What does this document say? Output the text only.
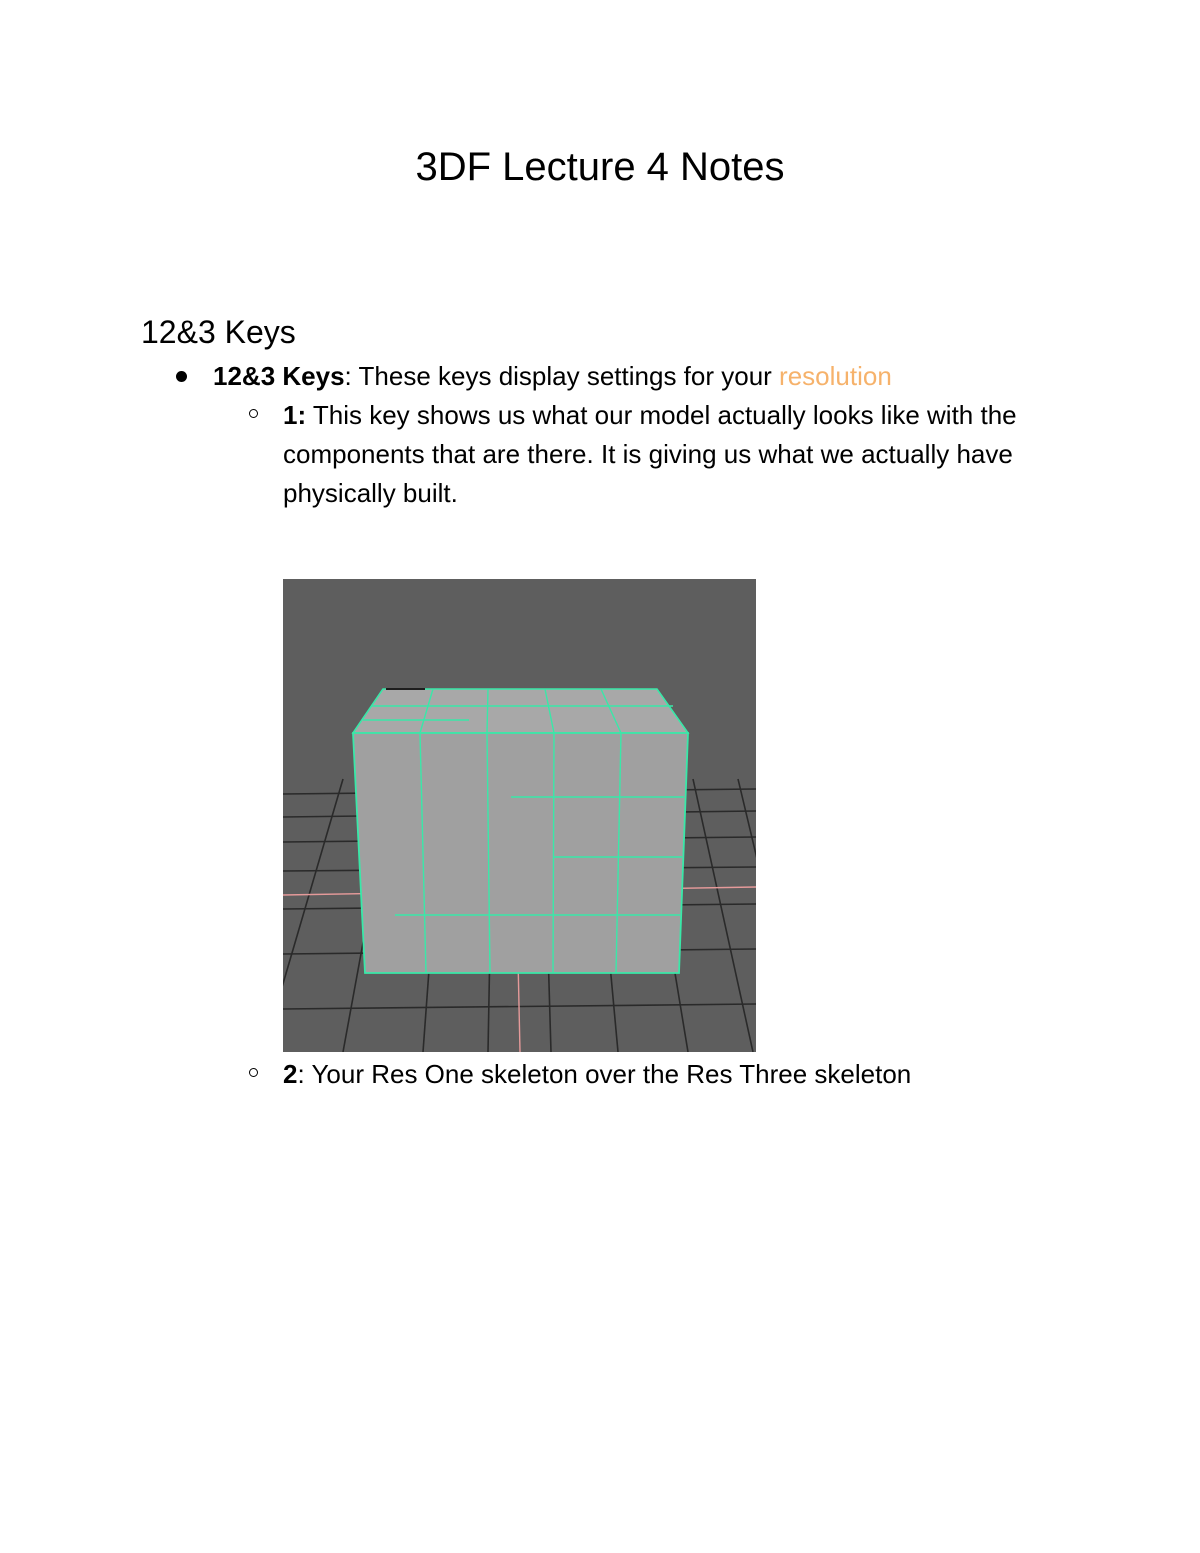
3DF Lecture 4 Notes
12&3 Keys
12&3 Keys: These keys display settings for your resolution
1: This key shows us what our model actually looks like with the components that are there. It is giving us what we actually have physically built.
2: Your Res One skeleton over the Res Three skeleton
